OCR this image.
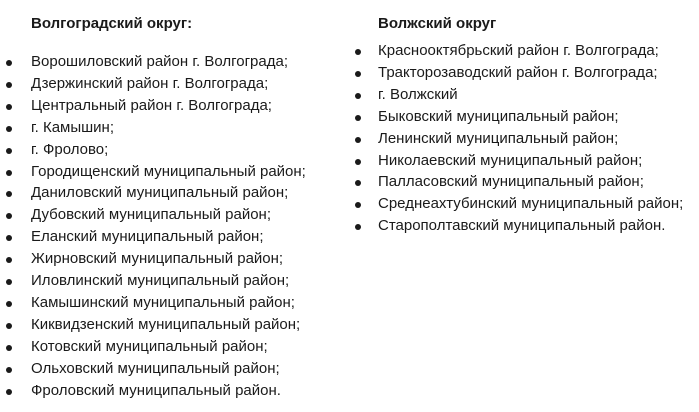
Волгоградский округ:
Ворошиловский район г. Волгограда;
Дзержинский район г. Волгограда;
Центральный район г. Волгограда;
г. Камышин;
г. Фролово;
Городищенский муниципальный район;
Даниловский муниципальный район;
Дубовский муниципальный район;
Еланский муниципальный район;
Жирновский муниципальный район;
Иловлинский муниципальный район;
Камышинский муниципальный район;
Киквидзенский муниципальный район;
Котовский муниципальный район;
Ольховский муниципальный район;
Фроловский муниципальный район.
Волжский округ
Краснооктябрьский район г. Волгограда;
Тракторозаводский район г. Волгограда;
г. Волжский
Быковский муниципальный район;
Ленинский муниципальный район;
Николаевский муниципальный район;
Палласовский муниципальный район;
Среднеахтубинский муниципальный район;
Старополтавский муниципальный район.
